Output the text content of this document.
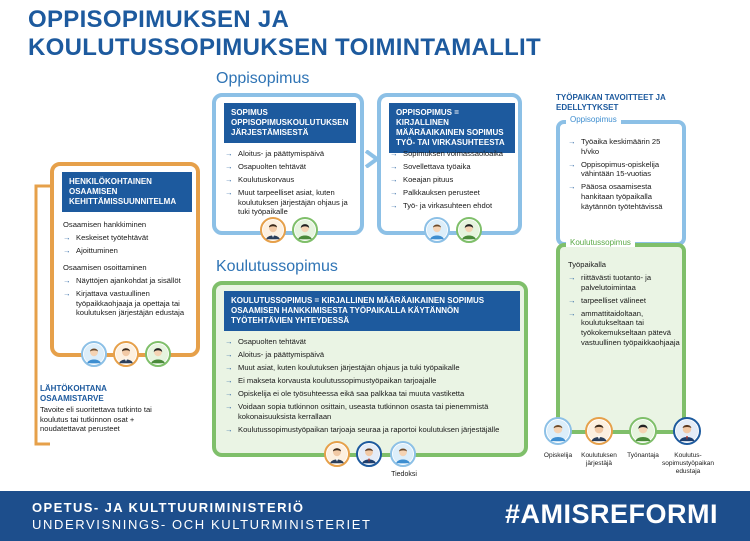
OPPISOPIMUKSEN JA
KOULUTUSSOPIMUKSEN TOIMINTAMALLIT
Oppisopimus
SOPIMUS OPPISOPIMUSKOULUTUKSEN JÄRJESTÄMISESTÄ
→ Aloitus- ja päättymispäivä
→ Osapuolten tehtävät
→ Koulutuskorvaus
→ Muut tarpeelliset asiat, kuten koulutuksen järjestäjän ohjaus ja tuki työpaikalle
OPPISOPIMUS = KIRJALLINEN MÄÄRÄAIKAINEN SOPIMUS TYÖ- TAI VIRKASUHTEESTA
→ Sopimuksen voimassaoloaika
→ Sovellettava työaika
→ Koeajan pituus
→ Palkkauksen perusteet
→ Työ- ja virkasuhteen ehdot
HENKILÖKOHTAINEN OSAAMISEN KEHITTÄMISSUUNNITELMA
Osaamisen hankkiminen
→ Keskeiset työtehtävät
→ Ajoittuminen
Osaamisen osoittaminen
→ Näyttöjen ajankohdat ja sisällöt
→ Kirjattava vastuullinen työpaikkaohjaaja ja opettaja tai koulutuksen järjestäjän edustaja
LÄHTÖKOHTANA OSAAMISTARVE
Tavoite eli suoritettava tutkinto tai koulutus tai tutkinnon osat + noudatettavat perusteet
Koulutussopimus
KOULUTUSSOPIMUS = KIRJALLINEN MÄÄRÄAIKAINEN SOPIMUS OSAAMISEN HANKKIMISESTA TYÖPAIKALLA KÄYTÄNNÖN TYÖTEHTÄVIEN YHTEYDESSÄ
→ Osapuolten tehtävät
→ Aloitus- ja päättymispäivä
→ Muut asiat, kuten koulutuksen järjestäjän ohjaus ja tuki työpaikalle
→ Ei makseta korvausta koulutussopimustyöpaikan tarjoajalle
→ Opiskelija ei ole työsuhteessa eikä saa palkkaa tai muuta vastiketta
→ Voidaan sopia tutkinnon osittain, useasta tutkinnon osasta tai pienemmistä kokonaisuuksista kerrallaan
→ Koulutussopimustyöpaikan tarjoaja seuraa ja raportoi koulutuksen järjestäjälle
Tiedoksi
TYÖPAIKAN TAVOITTEET JA EDELLYTYKSET
Oppisopimus
→ Työaika keskimäärin 25 h/vko
→ Oppisopimus-opiskelija vähintään 15-vuotias
→ Pääosa osaamisesta hankitaan työpaikalla käytännön työtehtävissä
Koulutussopimus
Työpaikalla
→ riittävästi tuotanto- ja palvelutoimintaa
→ tarpeelliset välineet
→ ammattitaidoltaan, koulutukseltaan tai työkokemukseltaan pätevä vastuullinen työpaikkaohjaaja
Opiskelija	Koulutuksen järjestäjä
Työnantaja	Koulutus-sopimustyöpaikan edustaja
OPETUS- JA KULTTUURIMINISTERIÖ
UNDERVISNINGS- OCH KULTURMINISTERIET	#AMISREFORMI
